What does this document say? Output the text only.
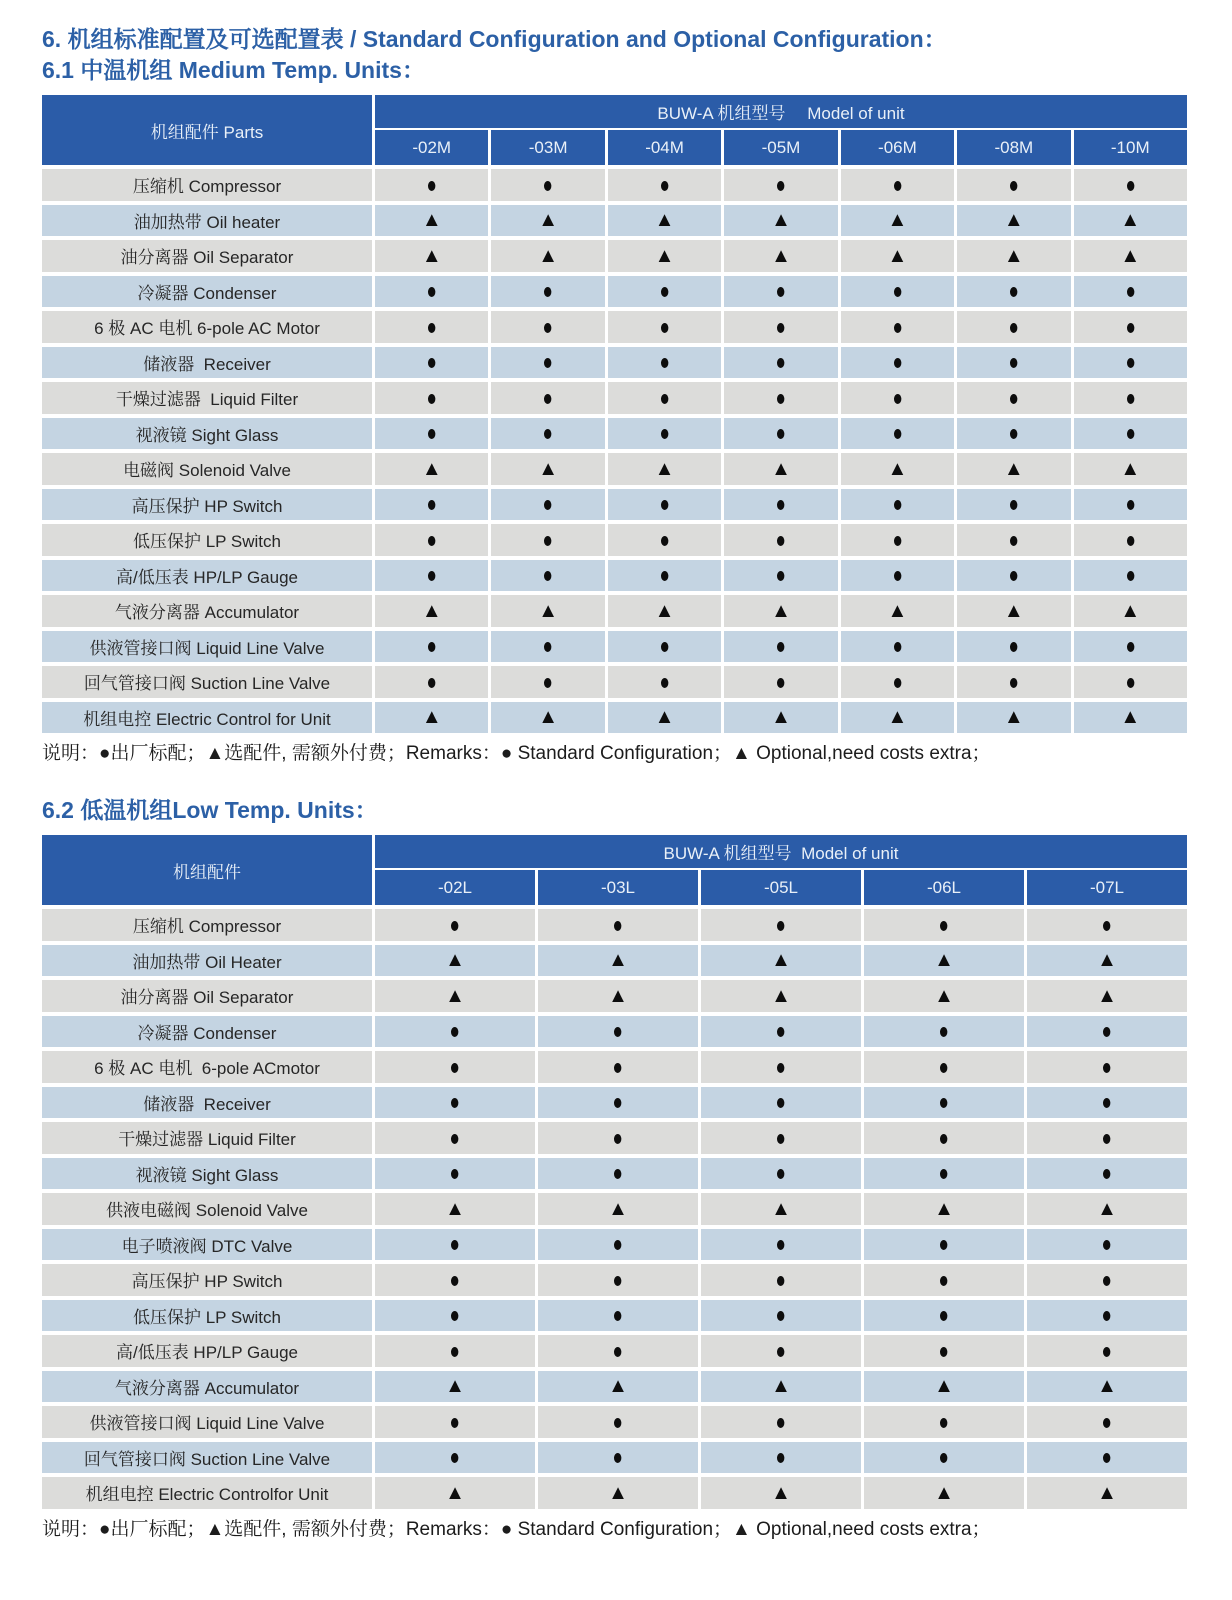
6. 机组标准配置及可选配置表 / Standard Configuration and Optional Configuration：
6.1 中温机组 Medium Temp. Units：
机组配件 Parts
BUW-A 机组型号　 Model of unit
-02M	-03M	-04M	-05M	-06M	-08M	-10M
压缩机 Compressor	●	●	●	●	●	●	●
油加热带 Oil heater	▲	▲	▲	▲	▲	▲	▲
油分离器 Oil Separator	▲	▲	▲	▲	▲	▲	▲
冷凝器 Condenser	●	●	●	●	●	●	●
6 极 AC 电机 6-pole AC Motor	●	●	●	●	●	●	●
储液器  Receiver	●	●	●	●	●	●	●
干燥过滤器  Liquid Filter	●	●	●	●	●	●	●
视液镜 Sight Glass	●	●	●	●	●	●	●
电磁阀 Solenoid Valve	▲	▲	▲	▲	▲	▲	▲
高压保护 HP Switch	●	●	●	●	●	●	●
低压保护 LP Switch	●	●	●	●	●	●	●
高/低压表 HP/LP Gauge	●	●	●	●	●	●	●
气液分离器 Accumulator	▲	▲	▲	▲	▲	▲	▲
供液管接口阀 Liquid Line Valve	●	●	●	●	●	●	●
回气管接口阀 Suction Line Valve	●	●	●	●	●	●	●
机组电控 Electric Control for Unit	▲	▲	▲	▲	▲	▲	▲

说明：●出厂标配；▲选配件, 需额外付费；Remarks：● Standard Configuration；▲ Optional,need costs extra；

6.2 低温机组Low Temp. Units：
机组配件
BUW-A 机组型号  Model of unit
-02L	-03L	-05L	-06L	-07L
压缩机 Compressor	●	●	●	●	●
油加热带 Oil Heater	▲	▲	▲	▲	▲
油分离器 Oil Separator	▲	▲	▲	▲	▲
冷凝器 Condenser	●	●	●	●	●
6 极 AC 电机  6-pole ACmotor	●	●	●	●	●
储液器  Receiver	●	●	●	●	●
干燥过滤器 Liquid Filter	●	●	●	●	●
视液镜 Sight Glass	●	●	●	●	●
供液电磁阀 Solenoid Valve	▲	▲	▲	▲	▲
电子喷液阀 DTC Valve	●	●	●	●	●
高压保护 HP Switch	●	●	●	●	●
低压保护 LP Switch	●	●	●	●	●
高/低压表 HP/LP Gauge	●	●	●	●	●
气液分离器 Accumulator	▲	▲	▲	▲	▲
供液管接口阀 Liquid Line Valve	●	●	●	●	●
回气管接口阀 Suction Line Valve	●	●	●	●	●
机组电控 Electric Controlfor Unit	▲	▲	▲	▲	▲

说明：●出厂标配；▲选配件, 需额外付费；Remarks：● Standard Configuration；▲ Optional,need costs extra；
